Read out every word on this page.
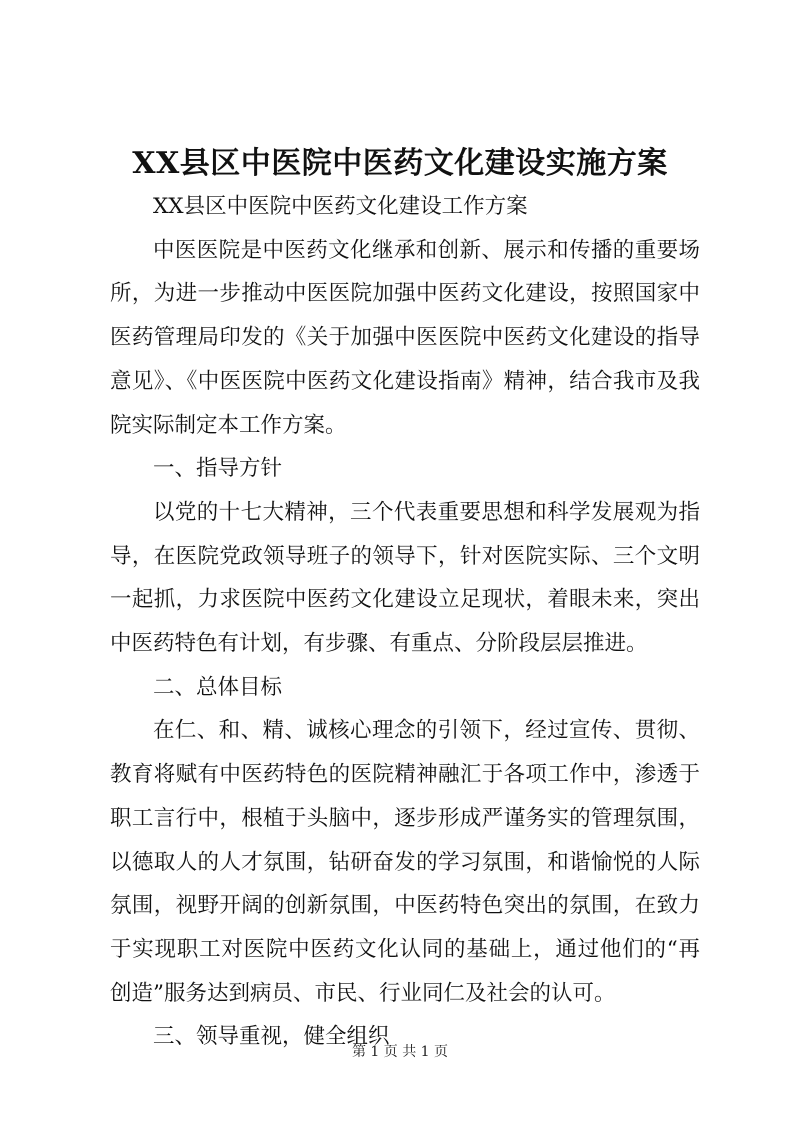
XX县区中医院中医药文化建设实施方案

XX县区中医院中医药文化建设工作方案

中医医院是中医药文化继承和创新、展示和传播的重要场所，为进一步推动中医医院加强中医药文化建设，按照国家中医药管理局印发的《关于加强中医医院中医药文化建设的指导意见》、《中医医院中医药文化建设指南》精神，结合我市及我院实际制定本工作方案。

一、指导方针

以党的十七大精神，三个代表重要思想和科学发展观为指导，在医院党政领导班子的领导下，针对医院实际、三个文明一起抓，力求医院中医药文化建设立足现状，着眼未来，突出中医药特色有计划，有步骤、有重点、分阶段层层推进。

二、总体目标

在仁、和、精、诚核心理念的引领下，经过宣传、贯彻、教育将赋有中医药特色的医院精神融汇于各项工作中，渗透于职工言行中，根植于头脑中，逐步形成严谨务实的管理氛围，以德取人的人才氛围，钻研奋发的学习氛围，和谐愉悦的人际氛围，视野开阔的创新氛围，中医药特色突出的氛围，在致力于实现职工对医院中医药文化认同的基础上，通过他们的“再创造”服务达到病员、市民、行业同仁及社会的认可。

三、领导重视，健全组织

第 1 页 共 1 页
